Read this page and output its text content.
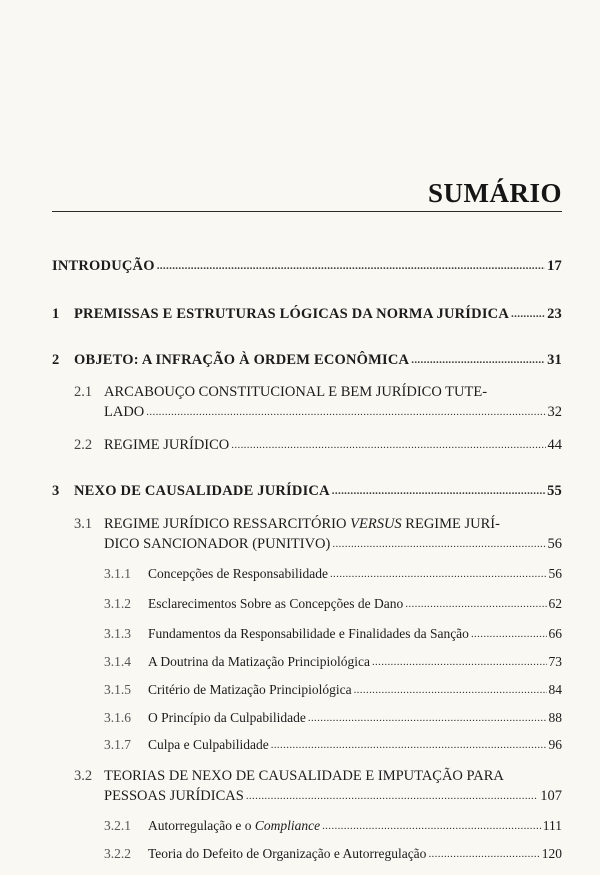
SUMÁRIO
INTRODUÇÃO . . .	17
1	PREMISSAS E ESTRUTURAS LÓGICAS DA NORMA JURÍDICA . . .	23
2	OBJETO: A INFRAÇÃO À ORDEM ECONÔMICA . . .	31
2.1 ARCABOUÇO CONSTITUCIONAL E BEM JURÍDICO TUTE-
LADO . . .	32
2.2 REGIME JURÍDICO . . .	44
3	NEXO DE CAUSALIDADE JURÍDICA . . .	55
3.1 REGIME JURÍDICO RESSARCITÓRIO VERSUS REGIME JURÍ-
DICO SANCIONADOR (PUNITIVO) . . .	56
3.1.1	Concepções de Responsabilidade . . .	56
3.1.2	Esclarecimentos Sobre as Concepções de Dano . . .	62
3.1.3	Fundamentos da Responsabilidade e Finalidades da Sanção . . .	66
3.1.4	A Doutrina da Matização Principiológica . . .	73
3.1.5	Critério de Matização Principiológica . . .	84
3.1.6	O Princípio da Culpabilidade . . .	88
3.1.7	Culpa e Culpabilidade . . .	96
3.2 TEORIAS DE NEXO DE CAUSALIDADE E IMPUTAÇÃO PARA
PESSOAS JURÍDICAS . . .	107
3.2.1	Autorregulação e o Compliance . . .	111
3.2.2	Teoria do Defeito de Organização e Autorregulação . . .	120
